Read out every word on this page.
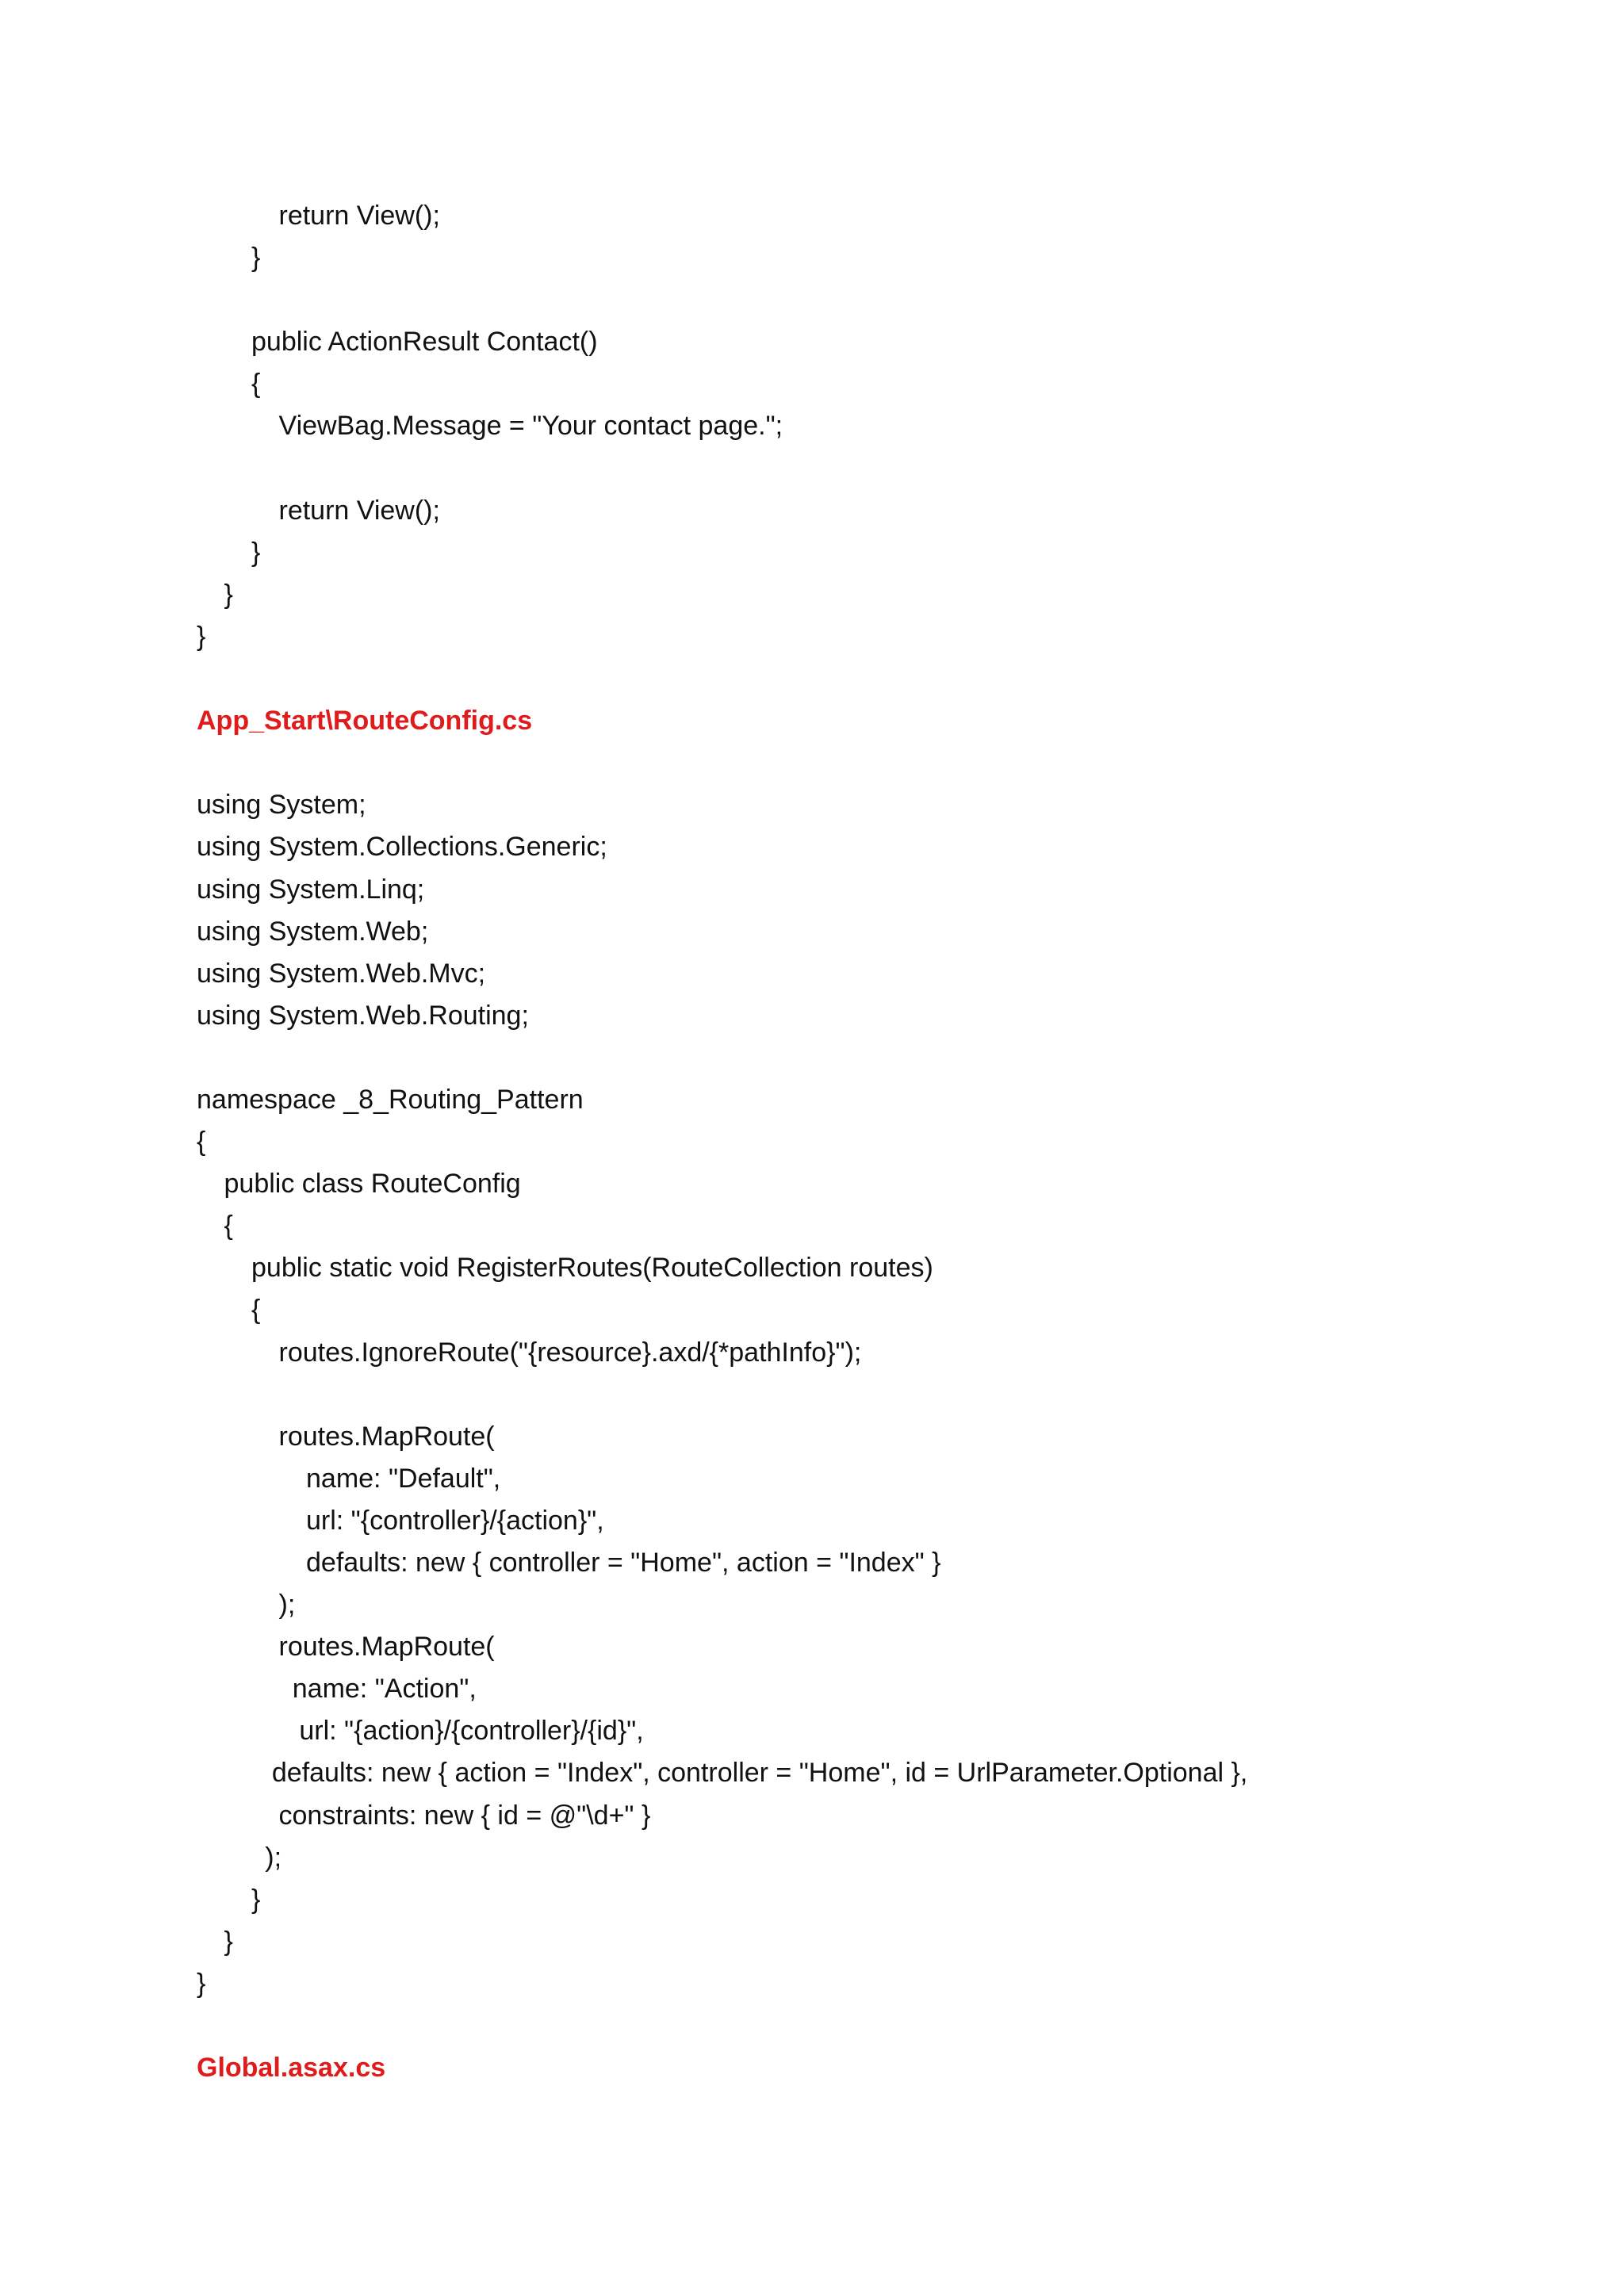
return View();
}
public ActionResult Contact()
{
ViewBag.Message = "Your contact page.";
return View();
}
}
}
App_Start\RouteConfig.cs
using System;
using System.Collections.Generic;
using System.Linq;
using System.Web;
using System.Web.Mvc;
using System.Web.Routing;
namespace _8_Routing_Pattern
{
public class RouteConfig
{
public static void RegisterRoutes(RouteCollection routes)
{
routes.IgnoreRoute("{resource}.axd/{*pathInfo}");
routes.MapRoute(
name: "Default",
url: "{controller}/{action}",
defaults: new { controller = "Home", action = "Index" }
);
routes.MapRoute(
name: "Action",
url: "{action}/{controller}/{id}",
defaults: new { action = "Index", controller = "Home", id = UrlParameter.Optional },
constraints: new { id = @"\d+" }
);
}
}
}
Global.asax.cs
